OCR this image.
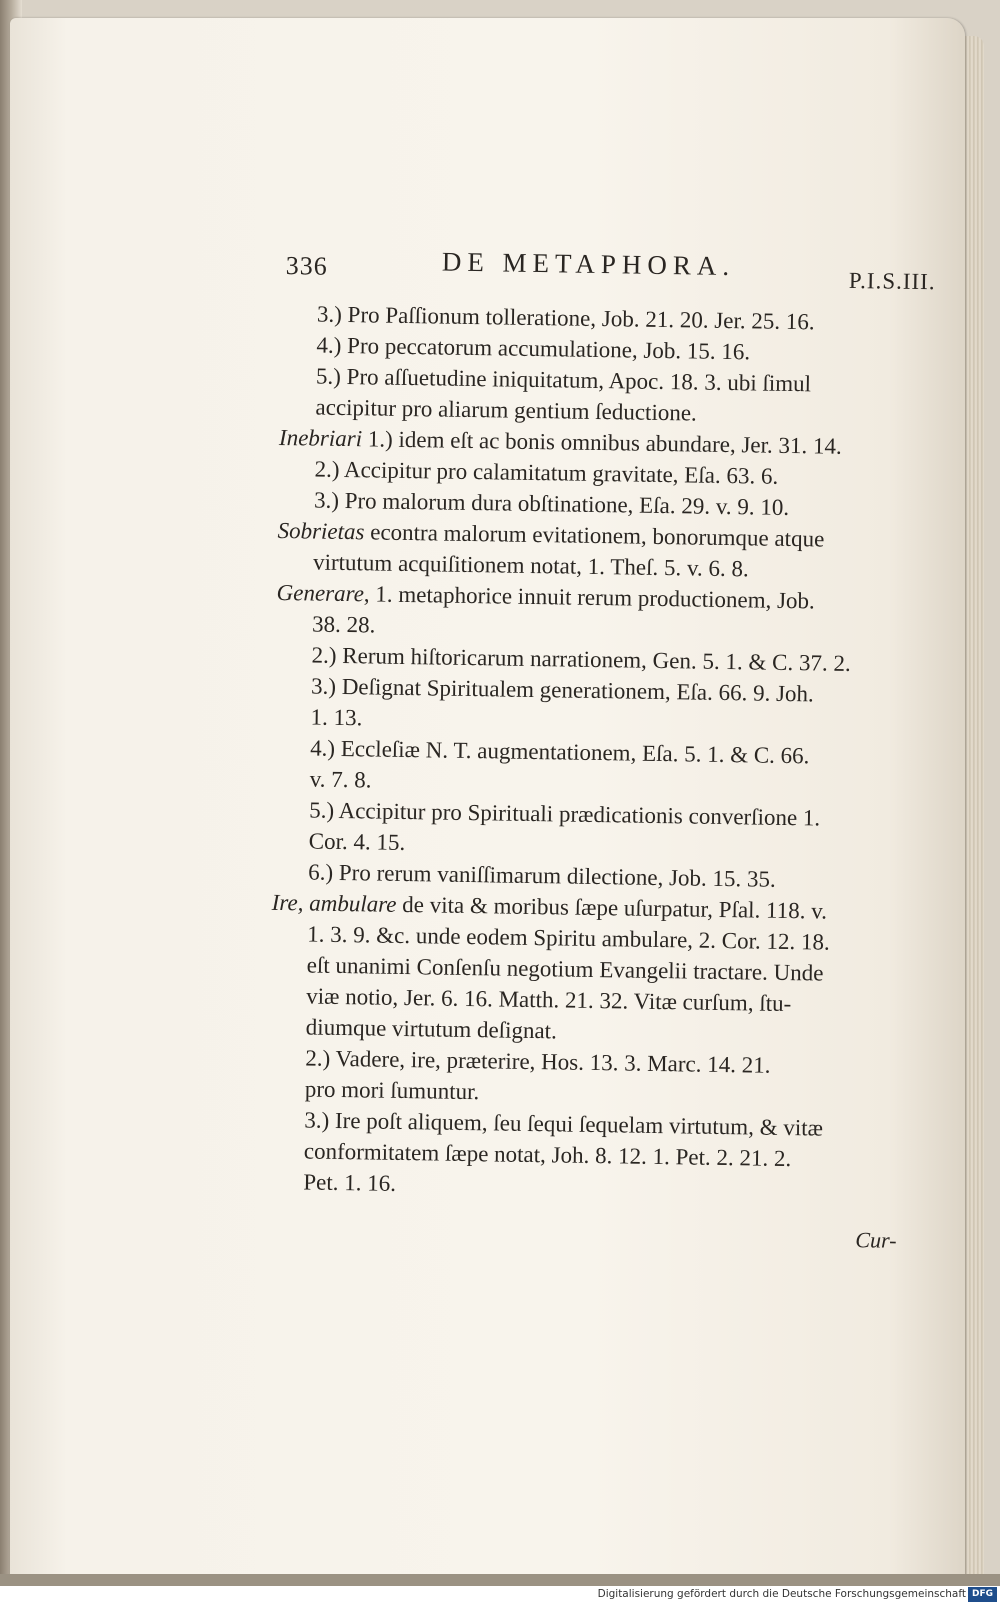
336	DE METAPHORA.	P.I.S.III.
3.) Pro Paſſionum tolleratione, Job. 21. 20. Jer. 25. 16.
4.) Pro peccatorum accumulatione, Job. 15. 16.
5.) Pro aſſuetudine iniquitatum, Apoc. 18. 3. ubi ſimul
accipitur pro aliarum gentium ſeductione.
Inebriari 1.) idem eſt ac bonis omnibus abundare, Jer. 31. 14.
2.) Accipitur pro calamitatum gravitate, Eſa. 63. 6.
3.) Pro malorum dura obſtinatione, Eſa. 29. v. 9. 10.
Sobrietas econtra malorum evitationem, bonorumque atque
virtutum acquiſitionem notat, 1. Theſ. 5. v. 6. 8.
Generare, 1. metaphorice innuit rerum productionem, Job.
38. 28.
2.) Rerum hiſtoricarum narrationem, Gen. 5. 1. & C. 37. 2.
3.) Deſignat Spiritualem generationem, Eſa. 66. 9. Joh.
1. 13.
4.) Eccleſiæ N. T. augmentationem, Eſa. 5. 1. & C. 66.
v. 7. 8.
5.) Accipitur pro Spirituali prædicationis converſione 1.
Cor. 4. 15.
6.) Pro rerum vaniſſimarum dilectione, Job. 15. 35.
Ire, ambulare de vita & moribus ſæpe uſurpatur, Pſal. 118. v.
1. 3. 9. &c. unde eodem Spiritu ambulare, 2. Cor. 12. 18.
eſt unanimi Conſenſu negotium Evangelii tractare. Unde
viæ notio, Jer. 6. 16. Matth. 21. 32. Vitæ curſum, ſtu-
diumque virtutum deſignat.
2.) Vadere, ire, præterire, Hos. 13. 3. Marc. 14. 21.
pro mori ſumuntur.
3.) Ire poſt aliquem, ſeu ſequi ſequelam virtutum, & vitæ
conformitatem ſæpe notat, Joh. 8. 12. 1. Pet. 2. 21. 2.
Pet. 1. 16.
Cur-
Digitalisierung gefördert durch die Deutsche Forschungsgemeinschaft DFG
